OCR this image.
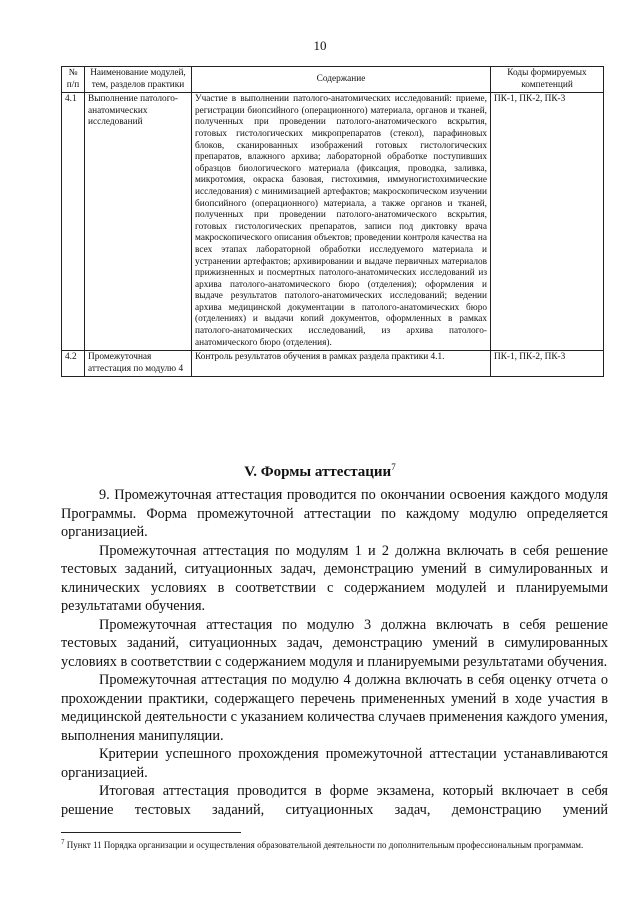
10
№ п/п	Наименование модулей, тем, разделов практики	Содержание	Коды формируемых компетенций
4.1	Выполнение патолого-анатомических исследований	Участие в выполнении патолого-анатомических исследований: приеме, регистрации биопсийного (операционного) материала, органов и тканей, полученных при проведении патолого-анатомического вскрытия, готовых гистологических микропрепаратов (стекол), парафиновых блоков, сканированных изображений готовых гистологических препаратов, влажного архива; лабораторной обработке поступивших образцов биологического материала (фиксация, проводка, заливка, микротомия, окраска базовая, гистохимия, иммуногистохимические исследования) с минимизацией артефактов; макроскопическом изучении биопсийного (операционного) материала, а также органов и тканей, полученных при проведении патолого-анатомического вскрытия, готовых гистологических препаратов, записи под диктовку врача макроскопического описания объектов; проведении контроля качества на всех этапах лабораторной обработки исследуемого материала и устранении артефактов; архивировании и выдаче первичных материалов прижизненных и посмертных патолого-анатомических исследований из архива патолого-анатомического бюро (отделения); оформления и выдаче результатов патолого-анатомических исследований; ведении архива медицинской документации в патолого-анатомических бюро (отделениях) и выдачи копий документов, оформленных в рамках патолого-анатомических исследований, из архива патолого-анатомического бюро (отделения).	ПК-1, ПК-2, ПК-3
4.2	Промежуточная аттестация по модулю 4	Контроль результатов обучения в рамках раздела практики 4.1.	ПК-1, ПК-2, ПК-3
V. Формы аттестации$^7$

9. Промежуточная аттестация проводится по окончании освоения каждого модуля Программы. Форма промежуточной аттестации по каждому модулю определяется организацией.

Промежуточная аттестация по модулям 1 и 2 должна включать в себя решение тестовых заданий, ситуационных задач, демонстрацию умений в симулированных и клинических условиях в соответствии с содержанием модулей и планируемыми результатами обучения.

Промежуточная аттестация по модулю 3 должна включать в себя решение тестовых заданий, ситуационных задач, демонстрацию умений в симулированных условиях в соответствии с содержанием модуля и планируемыми результатами обучения.

Промежуточная аттестация по модулю 4 должна включать в себя оценку отчета о прохождении практики, содержащего перечень примененных умений в ходе участия в медицинской деятельности с указанием количества случаев применения каждого умения, выполнения манипуляции.

Критерии успешного прохождения промежуточной аттестации устанавливаются организацией.

Итоговая аттестация проводится в форме экзамена, который включает в себя решение тестовых заданий, ситуационных задач, демонстрацию умений

$^7$ Пункт 11 Порядка организации и осуществления образовательной деятельности по дополнительным профессиональным программам.
